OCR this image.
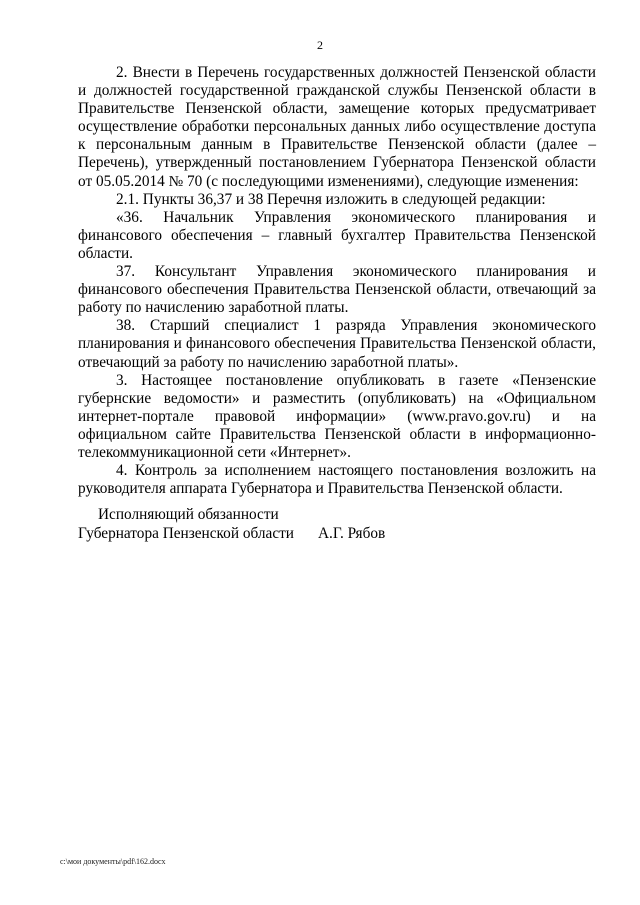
2

2. Внести в Перечень государственных должностей Пензенской области и должностей государственной гражданской службы Пензенской области в Правительстве Пензенской области, замещение которых предусматривает осуществление обработки персональных данных либо осуществление доступа к персональным данным в Правительстве Пензенской области (далее – Перечень), утвержденный постановлением Губернатора Пензенской области от 05.05.2014 № 70 (с последующими изменениями), следующие изменения:

2.1. Пункты 36,37 и 38 Перечня изложить в следующей редакции:

«36. Начальник Управления экономического планирования и финансового обеспечения – главный бухгалтер Правительства Пензенской области.

37. Консультант Управления экономического планирования и финансового обеспечения Правительства Пензенской области, отвечающий за работу по начислению заработной платы.

38. Старший специалист 1 разряда Управления экономического планирования и финансового обеспечения Правительства Пензенской области, отвечающий за работу по начислению заработной платы».

3. Настоящее постановление опубликовать в газете «Пензенские губернские ведомости» и разместить (опубликовать) на «Официальном интернет-портале правовой информации» (www.pravo.gov.ru) и на официальном сайте Правительства Пензенской области в информационно-телекоммуникационной сети «Интернет».

4. Контроль за исполнением настоящего постановления возложить на руководителя аппарата Губернатора и Правительства Пензенской области.

Исполняющий обязанности
Губернатора Пензенской области А.Г. Рябов
c:\мои документы\pdf\162.docx
